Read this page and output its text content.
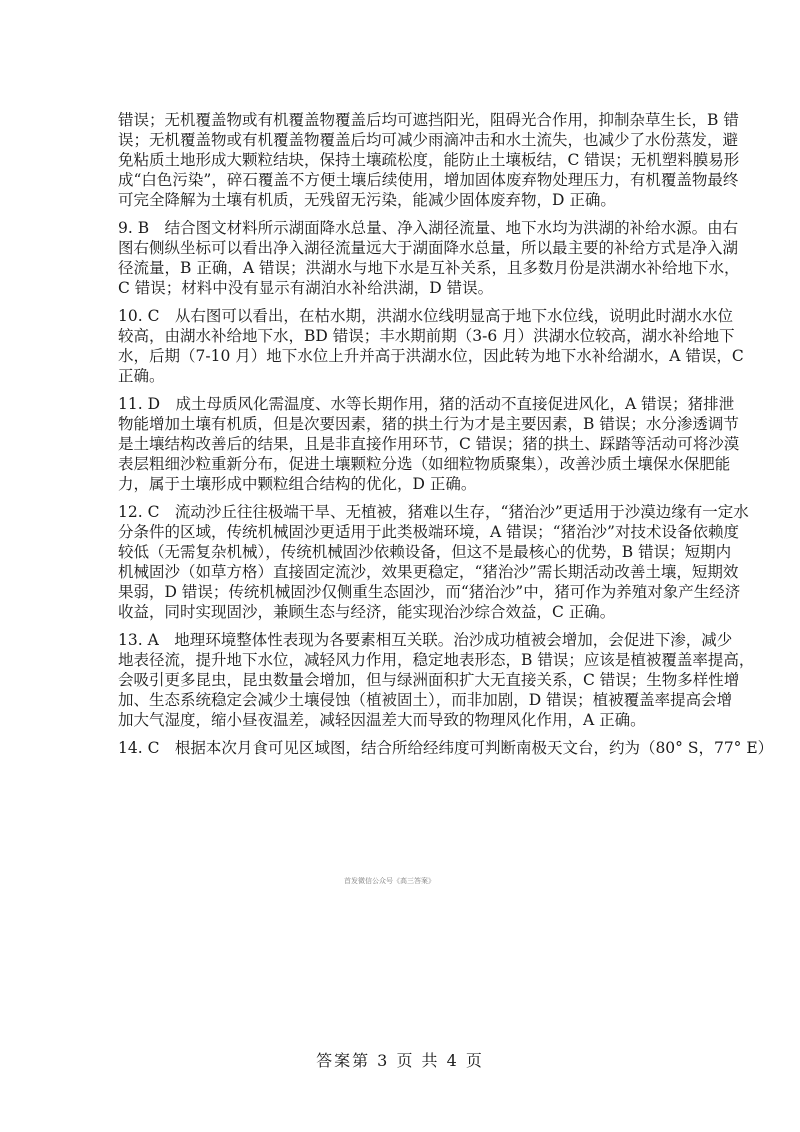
错误；无机覆盖物或有机覆盖物覆盖后均可遮挡阳光，阻碍光合作用，抑制杂草生长，B 错
误；无机覆盖物或有机覆盖物覆盖后均可减少雨滴冲击和水土流失，也减少了水份蒸发，避
免粘质土地形成大颗粒结块，保持土壤疏松度，能防止土壤板结，C 错误；无机塑料膜易形
成“白色污染”，碎石覆盖不方便土壤后续使用，增加固体废弃物处理压力，有机覆盖物最终
可完全降解为土壤有机质，无残留无污染，能减少固体废弃物，D 正确。
9. B　结合图文材料所示湖面降水总量、净入湖径流量、地下水均为洪湖的补给水源。由右
图右侧纵坐标可以看出净入湖径流量远大于湖面降水总量，所以最主要的补给方式是净入湖
径流量，B 正确，A 错误；洪湖水与地下水是互补关系，且多数月份是洪湖水补给地下水，
C 错误；材料中没有显示有湖泊水补给洪湖，D 错误。
10. C　从右图可以看出，在枯水期，洪湖水位线明显高于地下水位线，说明此时湖水水位
较高，由湖水补给地下水，BD 错误；丰水期前期（3-6 月）洪湖水位较高，湖水补给地下
水，后期（7-10 月）地下水位上升并高于洪湖水位，因此转为地下水补给湖水，A 错误，C
正确。
11. D　成土母质风化需温度、水等长期作用，猪的活动不直接促进风化，A 错误；猪排泄
物能增加土壤有机质，但是次要因素，猪的拱土行为才是主要因素，B 错误；水分渗透调节
是土壤结构改善后的结果，且是非直接作用环节，C 错误；猪的拱土、踩踏等活动可将沙漠
表层粗细沙粒重新分布，促进土壤颗粒分选（如细粒物质聚集），改善沙质土壤保水保肥能
力，属于土壤形成中颗粒组合结构的优化，D 正确。
12. C　流动沙丘往往极端干旱、无植被，猪难以生存，“猪治沙”更适用于沙漠边缘有一定水
分条件的区域，传统机械固沙更适用于此类极端环境，A 错误；“猪治沙”对技术设备依赖度
较低（无需复杂机械），传统机械固沙依赖设备，但这不是最核心的优势，B 错误；短期内
机械固沙（如草方格）直接固定流沙，效果更稳定，“猪治沙”需长期活动改善土壤，短期效
果弱，D 错误；传统机械固沙仅侧重生态固沙，而“猪治沙”中，猪可作为养殖对象产生经济
收益，同时实现固沙，兼顾生态与经济，能实现治沙综合效益，C 正确。
13. A　地理环境整体性表现为各要素相互关联。治沙成功植被会增加，会促进下渗，减少
地表径流，提升地下水位，减轻风力作用，稳定地表形态，B 错误；应该是植被覆盖率提高，
会吸引更多昆虫，昆虫数量会增加，但与绿洲面积扩大无直接关系，C 错误；生物多样性增
加、生态系统稳定会减少土壤侵蚀（植被固土），而非加剧，D 错误；植被覆盖率提高会增
加大气湿度，缩小昼夜温差，减轻因温差大而导致的物理风化作用，A 正确。
14. C　根据本次月食可见区域图，结合所给经纬度可判断南极天文台，约为（80° S，77° E）
首发微信公众号《高三答案》
答案第 3 页 共 4 页
